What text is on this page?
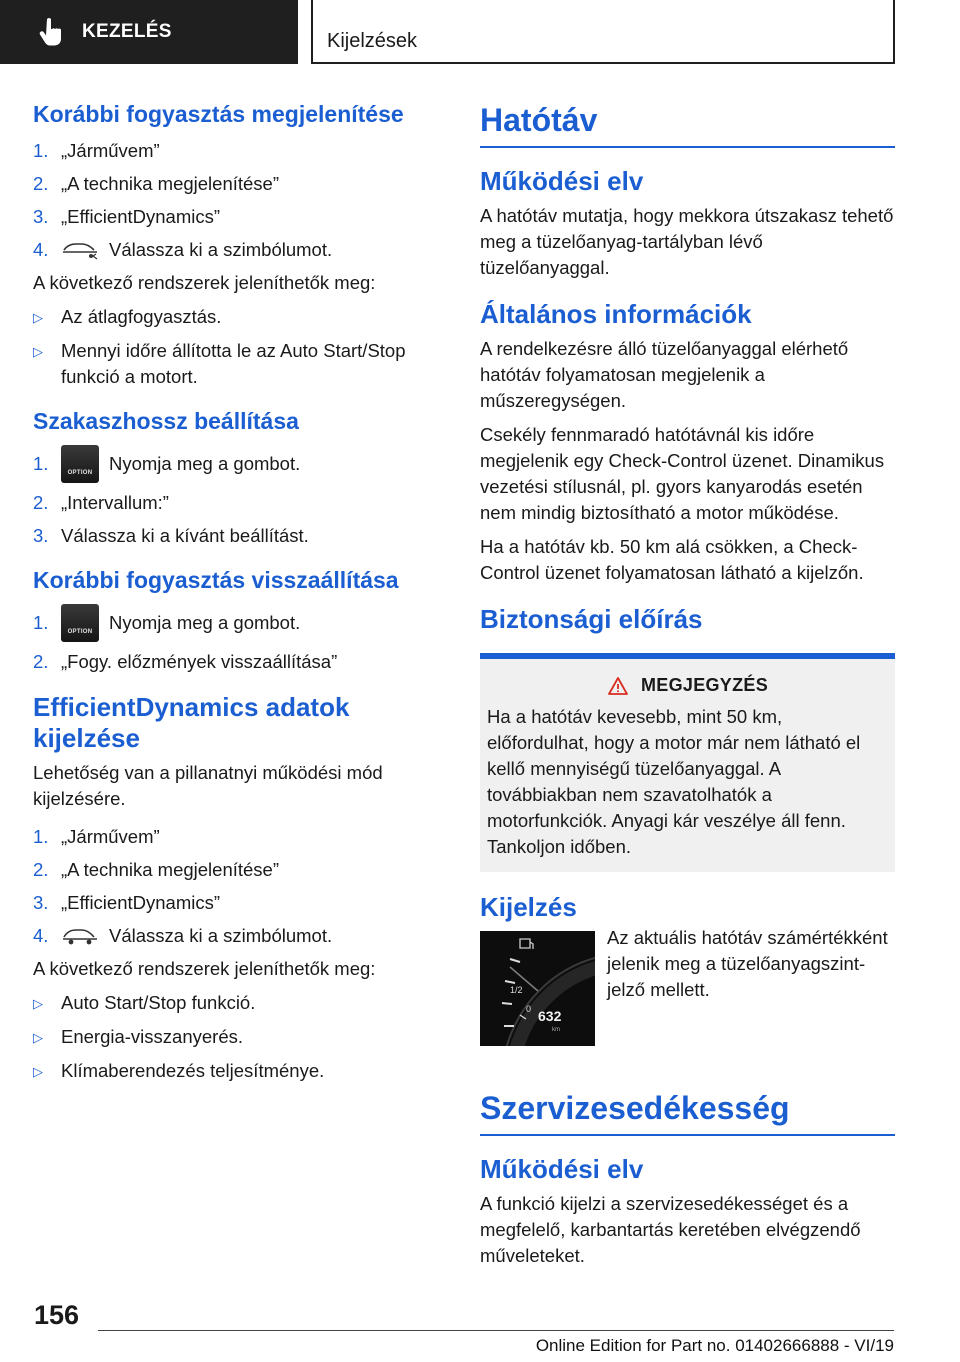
KEZELÉS	Kijelzések
Korábbi fogyasztás megjelenítése
1. „Járművem”
2. „A technika megjelenítése”
3. „EfficientDynamics”
4.	Válassza ki a szimbólumot.

A következő rendszerek jeleníthetők meg:

▷ Az átlagfogyasztás.
▷ Mennyi időre állította le az Auto Start/Stop funkció a motort.
Szakaszhossz beállítása
1.	OPTION Nyomja meg a gombot.
2. „Intervallum:”
3. Válassza ki a kívánt beállítást.
Korábbi fogyasztás visszaállítása
1.	OPTION Nyomja meg a gombot.
2. „Fogy. előzmények visszaállítása”
EfficientDynamics adatok kijelzése

Lehetőség van a pillanatnyi működési mód kijelzésére.

1. „Járművem”
2. „A technika megjelenítése”
3. „EfficientDynamics”
4.	Válassza ki a szimbólumot.

A következő rendszerek jeleníthetők meg:

▷ Auto Start/Stop funkció.
▷ Energia-visszanyerés.
▷ Klímaberendezés teljesítménye.
Hatótáv
Működési elv

A hatótáv mutatja, hogy mekkora útszakasz tehető meg a tüzelőanyag-tartályban lévő tüzelőanyaggal.

Általános információk

A rendelkezésre álló tüzelőanyaggal elérhető hatótáv folyamatosan megjelenik a műszeregységen.

Csekély fennmaradó hatótávnál kis időre megjelenik egy Check-Control üzenet. Dinamikus vezetési stílusnál, pl. gyors kanyarodás esetén nem mindig biztosítható a motor működése.

Ha a hatótáv kb. 50 km alá csökken, a Check-Control üzenet folyamatosan látható a kijelzőn.

Biztonsági előírás
MEGJEGYZÉS

Ha a hatótáv kevesebb, mint 50 km, előfordulhat, hogy a motor már nem látható el kellő mennyiségű tüzelőanyaggal. A továbbiakban nem szavatolhatók a motorfunkciók. Anyagi kár veszélye áll fenn. Tankoljon időben.

Kijelzés
1/2
0 632
km

Az aktuális hatótáv számértékként jelenik meg a tüzelőanyagszint-jelző mellett.

Szervizesedékesség
Működési elv

A funkció kijelzi a szervizesedékességet és a megfelelő, karbantartás keretében elvégzendő műveleteket.

156
Online Edition for Part no. 01402666888 - VI/19
